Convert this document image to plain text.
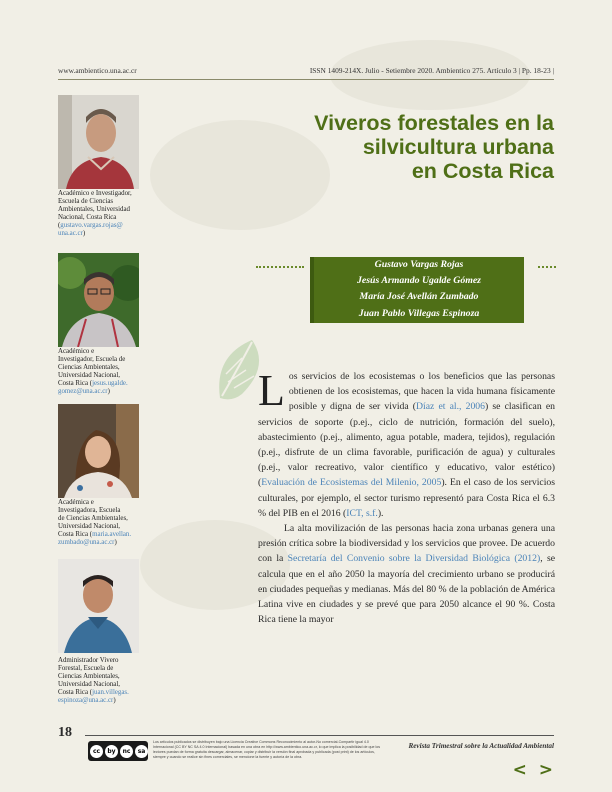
www.ambientico.una.ac.cr	ISSN 1409-214X. Julio - Setiembre 2020. Ambientico 275. Artículo 3 | Pp. 18-23 |
Viveros forestales en la
silvicultura urbana
en Costa Rica
Académico e Investigador,
Escuela de Ciencias
Ambientales, Universidad
Nacional, Costa Rica
(gustavo.vargas.rojas@
una.ac.cr)
Académico e
Investigador, Escuela de
Ciencias Ambientales,
Universidad Nacional,
Costa Rica (jesus.ugalde.
gomez@una.ac.cr)
Académica e
Investigadora, Escuela
de Ciencias Ambientales,
Universidad Nacional,
Costa Rica (maria.avellan.
zumbado@una.ac.cr)
Administrador Vivero
Forestal, Escuela de
Ciencias Ambientales,
Universidad Nacional,
Costa Rica (juan.villegas.
espinoza@una.ac.cr)
Gustavo Vargas Rojas
Jesús Armando Ugalde Gómez
María José Avellán Zumbado
Juan Pablo Villegas Espinoza

Los servicios de los ecosistemas o los beneficios que las personas obtienen de los ecosistemas, que hacen la vida humana físicamente posible y digna de ser vivida (Díaz et al., 2006) se clasifican en servicios de soporte (p.ej., ciclo de nutrición, formación del suelo), abastecimiento (p.ej., alimento, agua potable, madera, tejidos), regulación (p.ej., disfrute de un clima favorable, purificación de agua) y culturales (p.ej., valor recreativo, valor científico y educativo, valor estético) (Evaluación de Ecosistemas del Milenio, 2005). En el caso de los servicios culturales, por ejemplo, el sector turismo representó para Costa Rica el 6.3 % del PIB en el 2016 (ICT, s.f.).

La alta movilización de las personas hacia zona urbanas genera una presión crítica sobre la biodiversidad y los servicios que provee. De acuerdo con la Secretaría del Convenio sobre la Diversidad Biológica (2012), se calcula que en el año 2050 la mayoría del crecimiento urbano se producirá en ciudades pequeñas y medianas. Más del 80 % de la población de América Latina vive en ciudades y se prevé que para 2050 alcance el 90 %. Costa Rica tiene la mayor

18
cc	by	nc	sa
Los artículos publicados se distribuyen bajo una Licencia Creative Commons Reconocimiento al autor-No comercial-Compartir igual 4.0 Internacional (CC BY NC SA 4.0 Internacional) basada en una obra en http://www.ambientico.una.ac.cr, lo que implica la posibilidad de que los lectores puedan de forma gratuita descargar, almacenar, copiar y distribuir la versión final aprobada y publicada (post print) de los artículos, siempre y cuando se realice sin fines comerciales, se mencione la fuente y autoría de la obra.
Revista Trimestral sobre la Actualidad Ambiental
< >
